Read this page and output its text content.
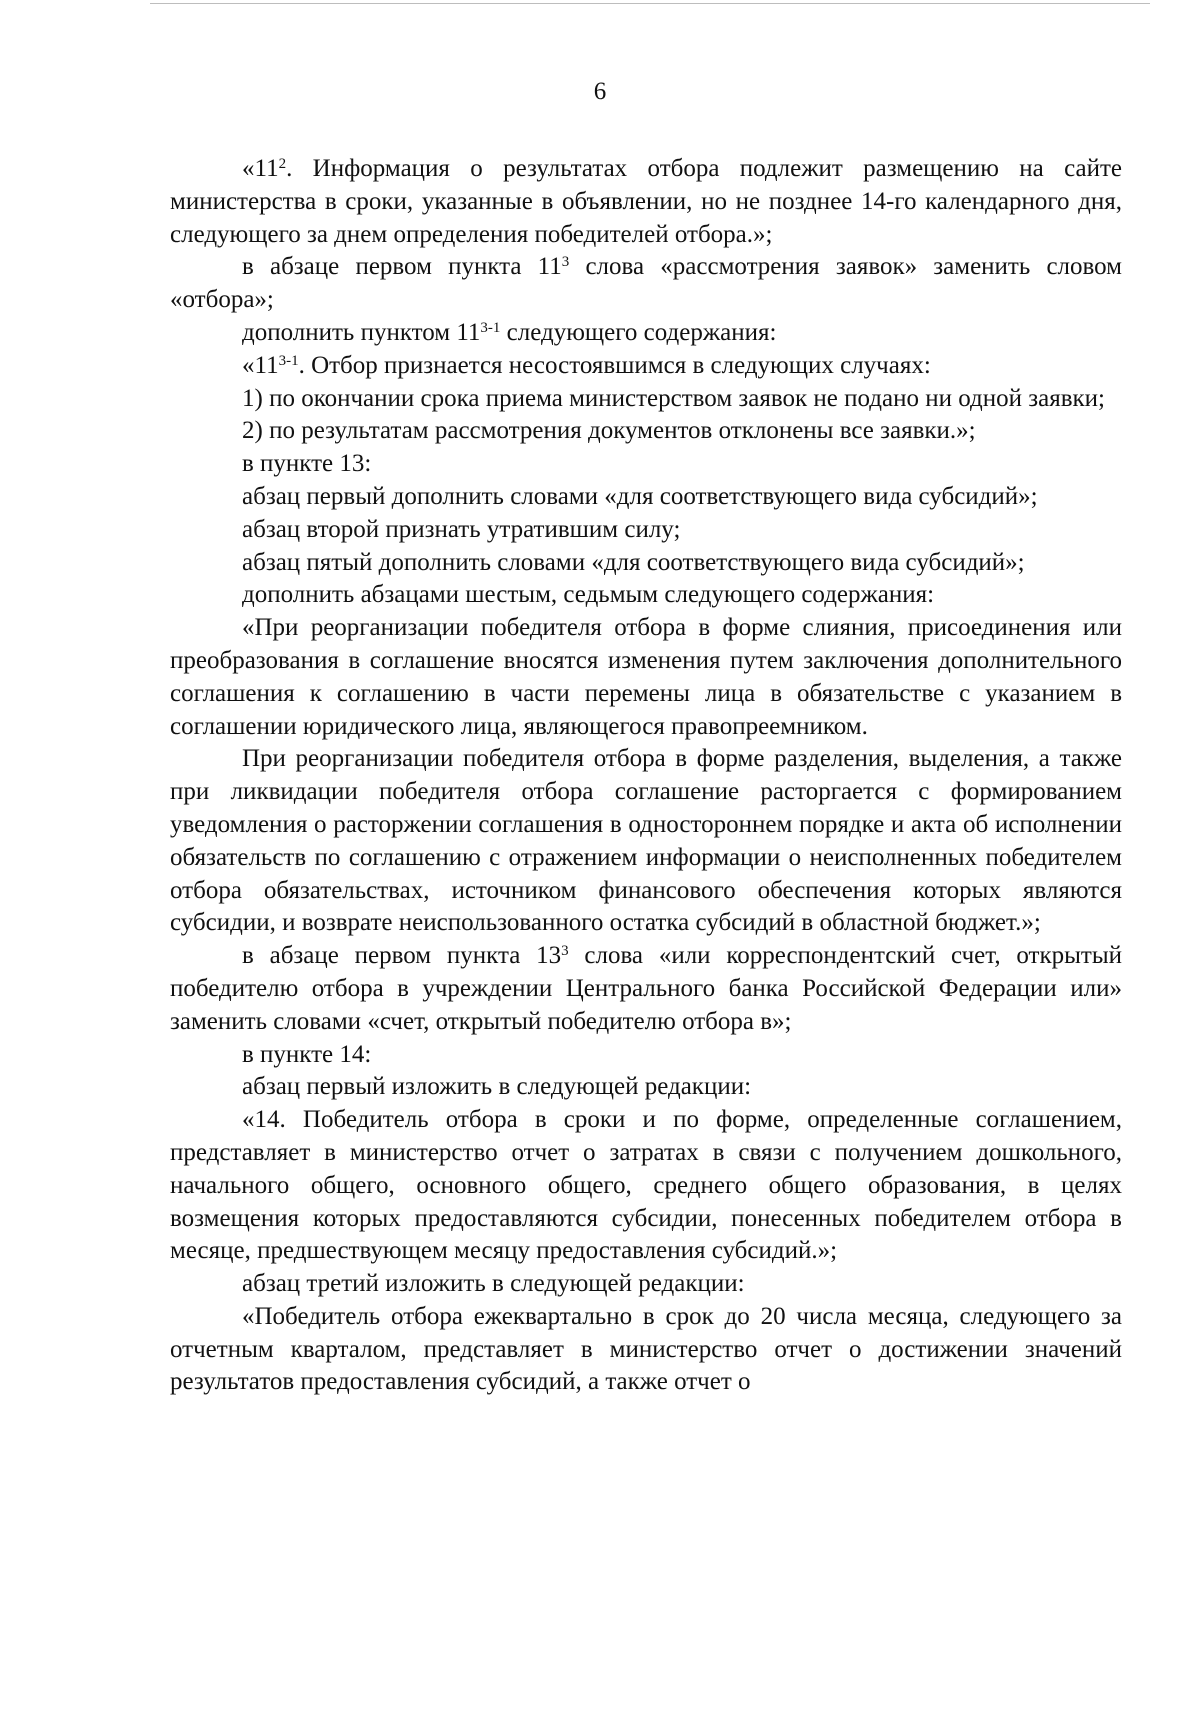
6

«$11^2$. Информация о результатах отбора подлежит размещению на сайте министерства в сроки, указанные в объявлении, но не позднее 14-го календарного дня, следующего за днем определения победителей отбора.»;

в абзаце первом пункта $11^3$ слова «рассмотрения заявок» заменить словом «отбора»;

дополнить пунктом 11$^{3-1}$ следующего содержания:

«11$^{3-1}$. Отбор признается несостоявшимся в следующих случаях:

1) по окончании срока приема министерством заявок не подано ни одной заявки;

2) по результатам рассмотрения документов отклонены все заявки.»;

в пункте 13:

абзац первый дополнить словами «для соответствующего вида субсидий»;

абзац второй признать утратившим силу;

абзац пятый дополнить словами «для соответствующего вида субсидий»;

дополнить абзацами шестым, седьмым следующего содержания:

«При реорганизации победителя отбора в форме слияния, присоединения или преобразования в соглашение вносятся изменения путем заключения дополнительного соглашения к соглашению в части перемены лица в обязательстве с указанием в соглашении юридического лица, являющегося правопреемником.

При реорганизации победителя отбора в форме разделения, выделения, а также при ликвидации победителя отбора соглашение расторгается с формированием уведомления о расторжении соглашения в одностороннем порядке и акта об исполнении обязательств по соглашению с отражением информации о неисполненных победителем отбора обязательствах, источником финансового обеспечения которых являются субсидии, и возврате неиспользованного остатка субсидий в областной бюджет.»;

в абзаце первом пункта $13^3$ слова «или корреспондентский счет, открытый победителю отбора в учреждении Центрального банка Российской Федерации или» заменить словами «счет, открытый победителю отбора в»;

в пункте 14:

абзац первый изложить в следующей редакции:

«14. Победитель отбора в сроки и по форме, определенные соглашением, представляет в министерство отчет о затратах в связи с получением дошкольного, начального общего, основного общего, среднего общего образования, в целях возмещения которых предоставляются субсидии, понесенных победителем отбора в месяце, предшествующем месяцу предоставления субсидий.»;

абзац третий изложить в следующей редакции:

«Победитель отбора ежеквартально в срок до 20 числа месяца, следующего за отчетным кварталом, представляет в министерство отчет о достижении значений результатов предоставления субсидий, а также отчет о
